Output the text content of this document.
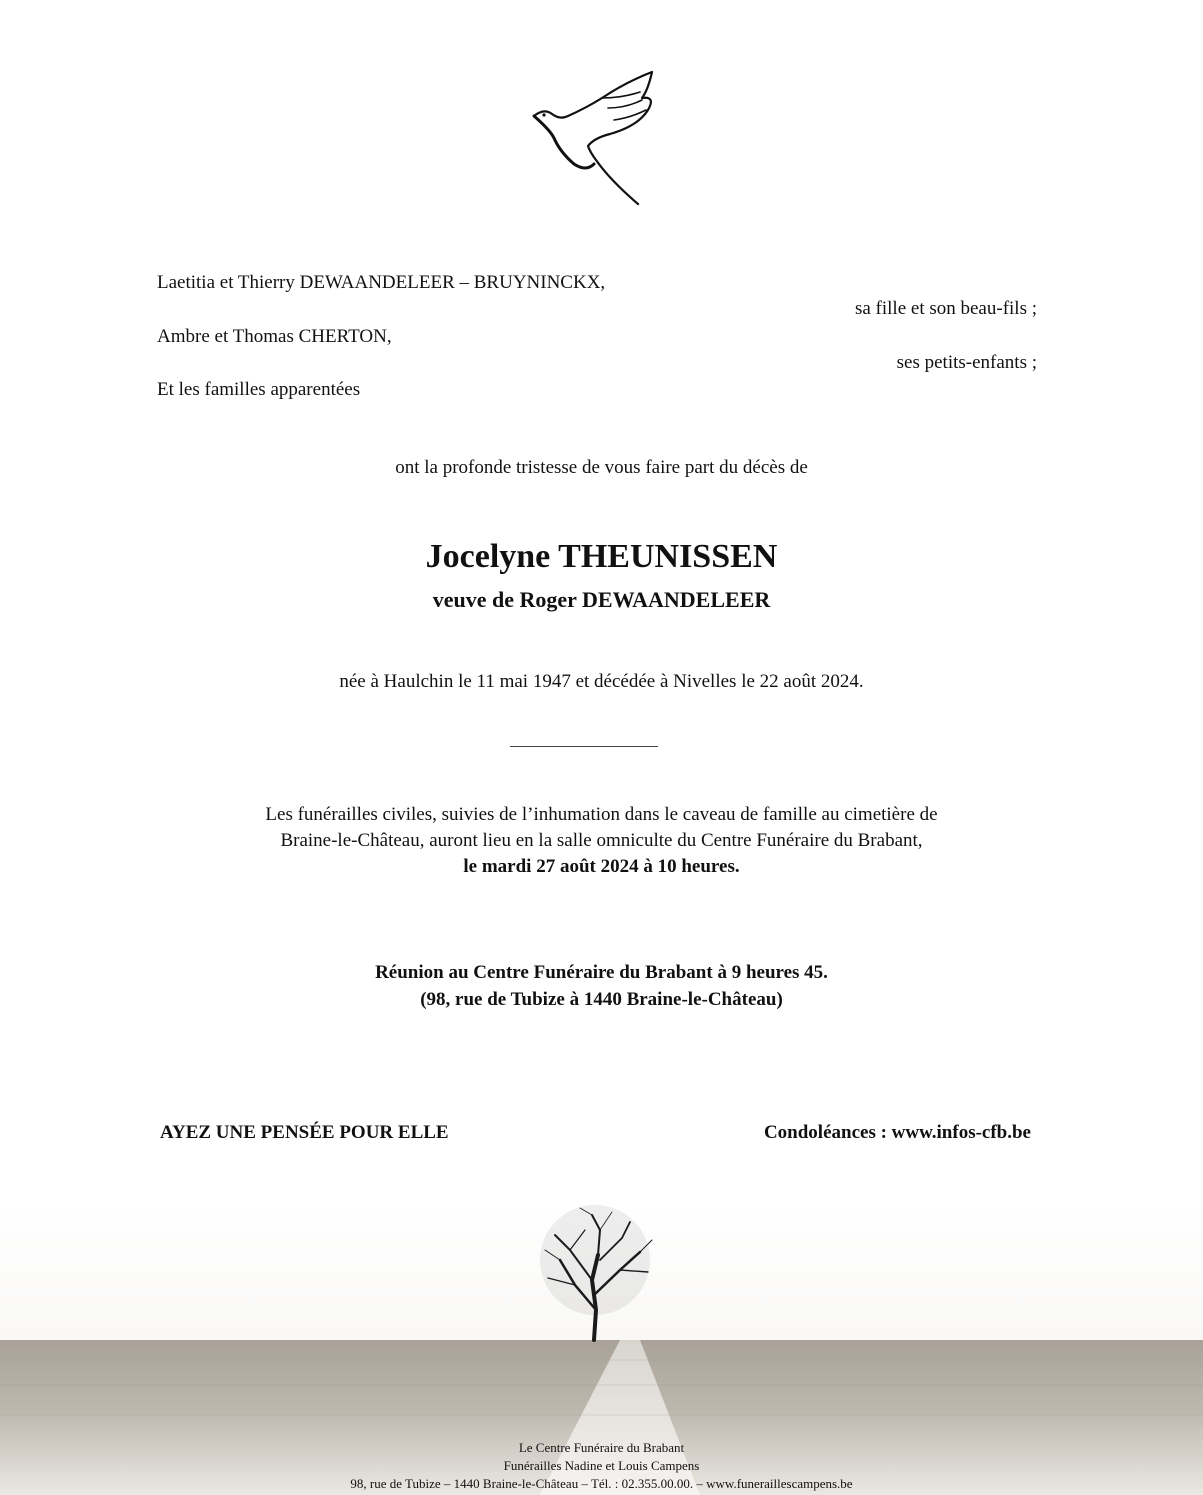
Laetitia et Thierry DEWAANDELEER – BRUYNINCKX,
sa fille et son beau-fils ;
Ambre et Thomas CHERTON,
ses petits-enfants ;
Et les familles apparentées
ont la profonde tristesse de vous faire part du décès de
Jocelyne THEUNISSEN
veuve de Roger DEWAANDELEER
née à Haulchin le 11 mai 1947 et décédée à Nivelles le 22 août 2024.
Les funérailles civiles, suivies de l’inhumation dans le caveau de famille au cimetière de
Braine-le-Château, auront lieu en la salle omniculte du Centre Funéraire du Brabant,
le mardi 27 août 2024 à 10 heures.
Réunion au Centre Funéraire du Brabant à 9 heures 45.
(98, rue de Tubize à 1440 Braine-le-Château)
AYEZ UNE PENSÉE POUR ELLE	Condoléances : www.infos-cfb.be
Le Centre Funéraire du Brabant
Funérailles Nadine et Louis Campens
98, rue de Tubize – 1440 Braine-le-Château – Tél. : 02.355.00.00. – www.funeraillescampens.be
